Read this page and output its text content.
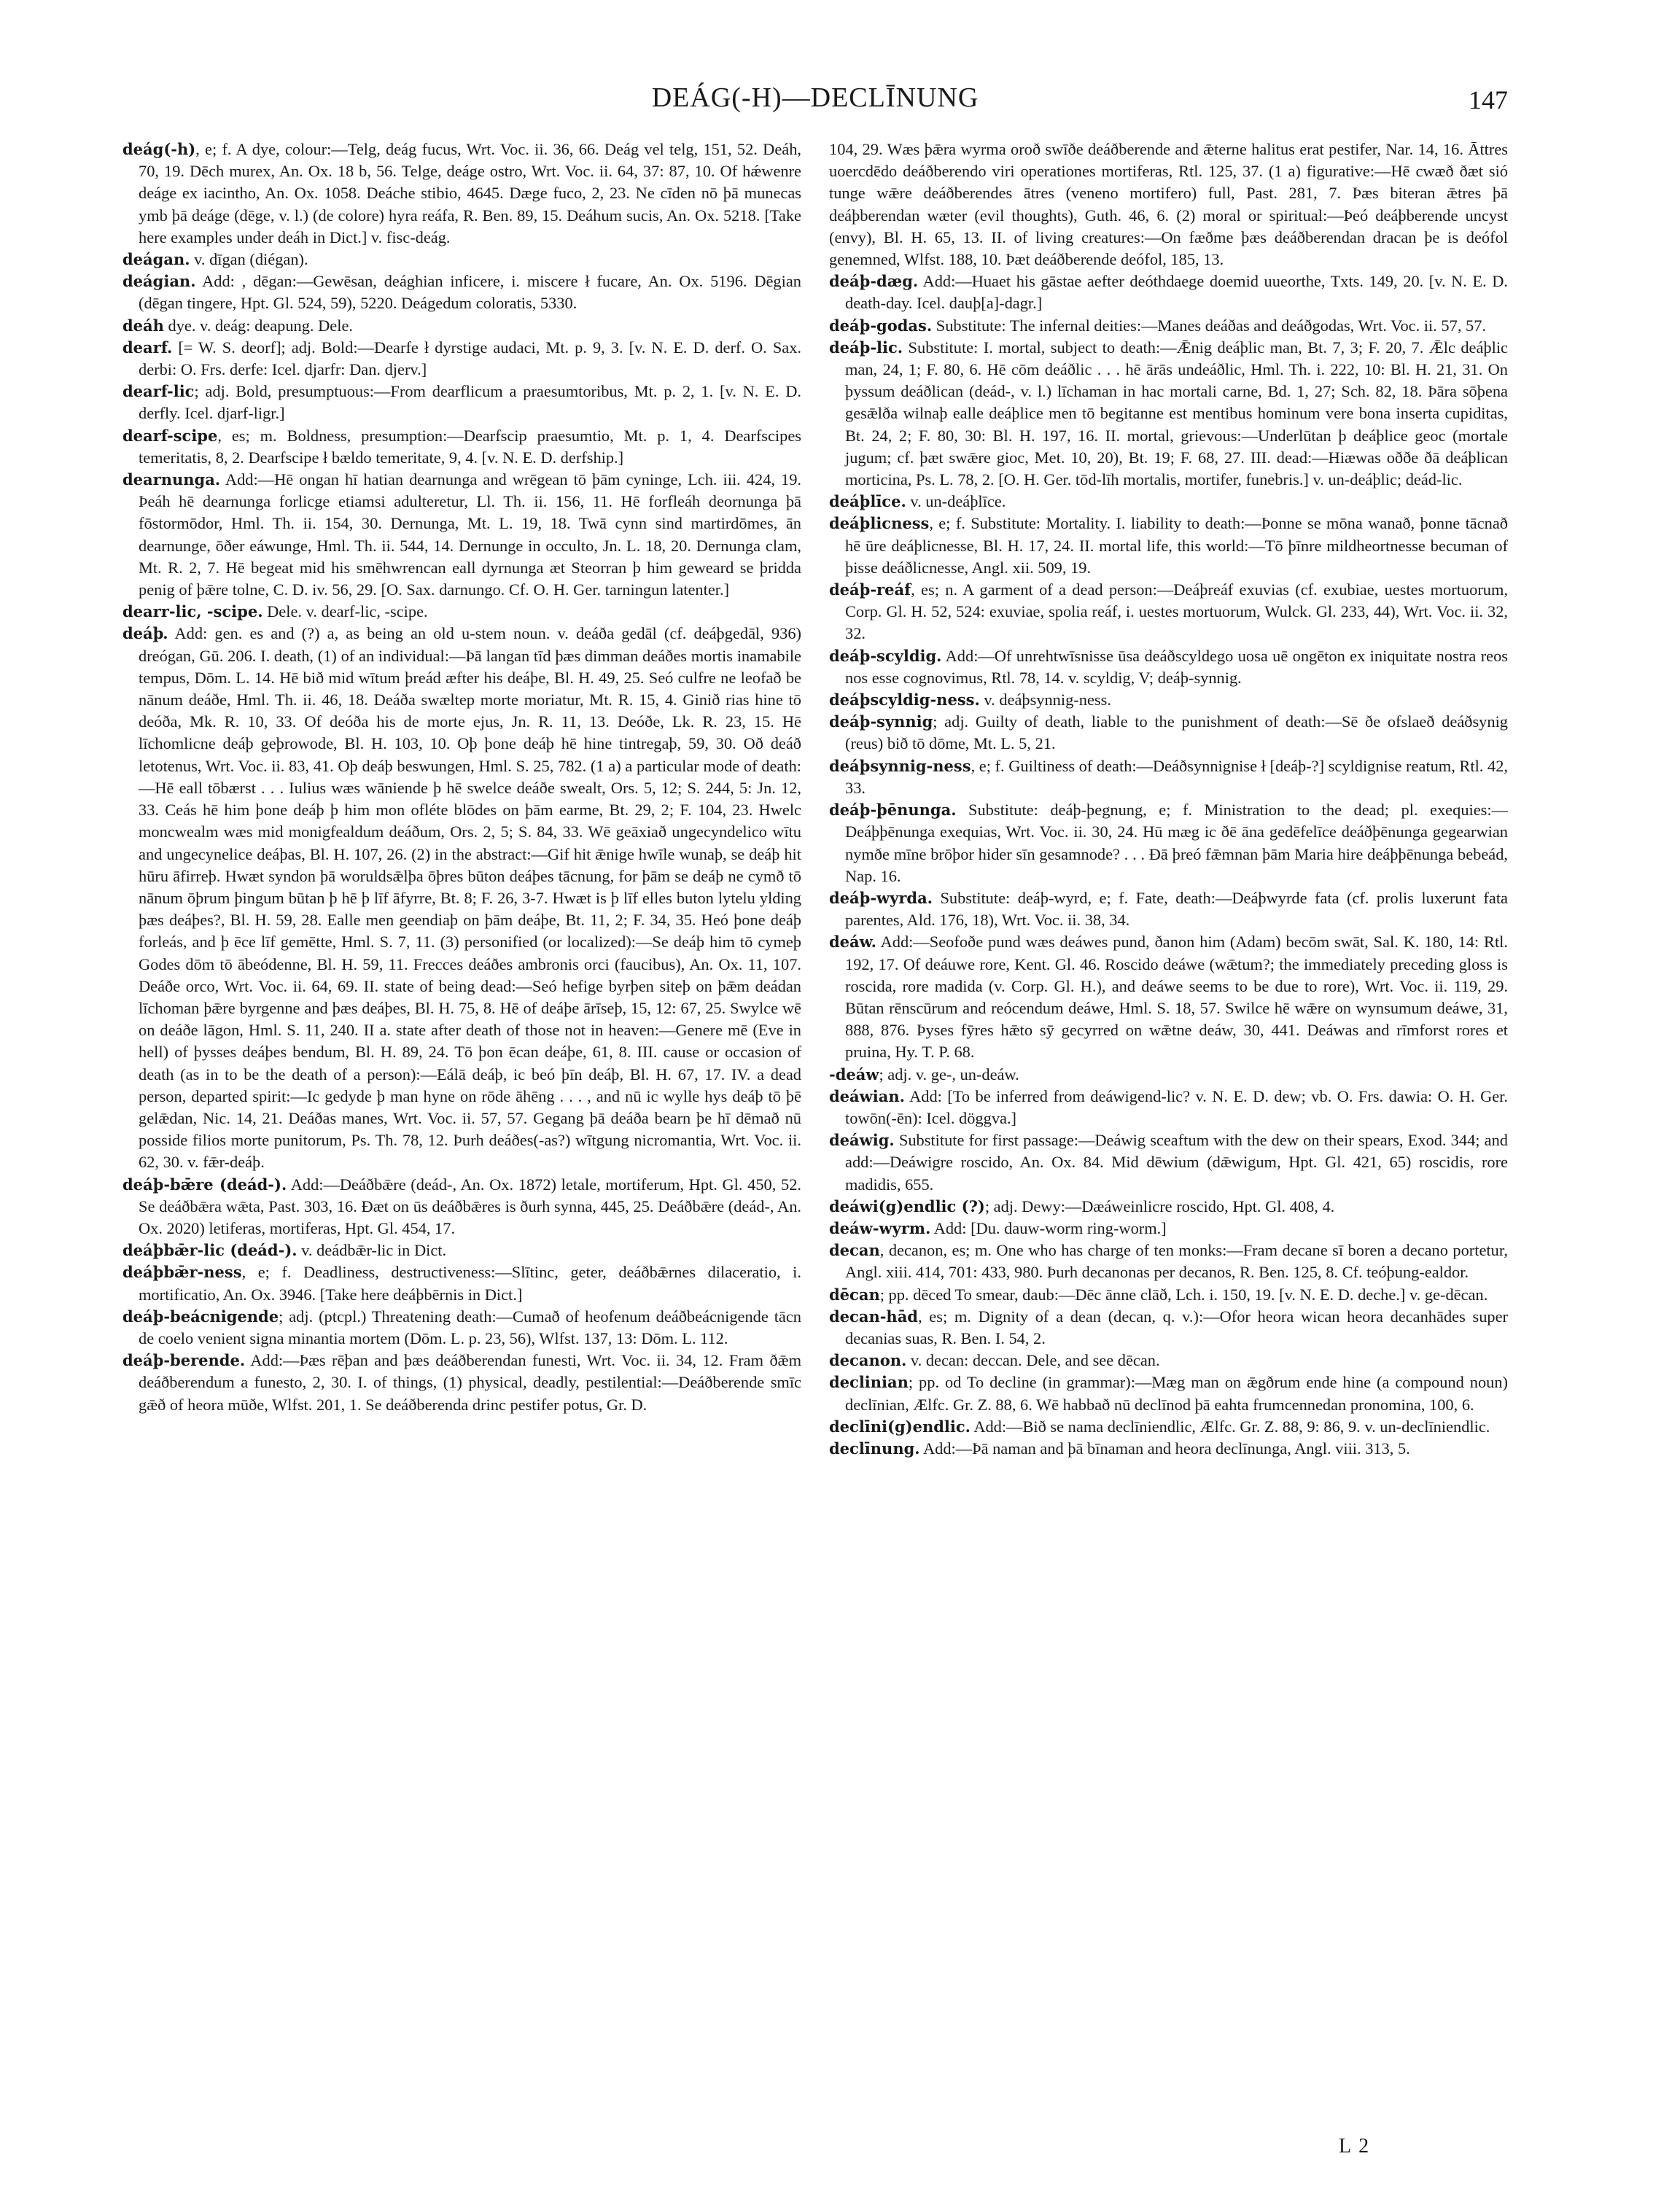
DEÁG(-H)—DECLĪNUNG	147

deág(-h), e; f. A dye, colour:—Telg, deág fucus, Wrt. Voc. ii. 36, 66. Deág vel telg, 151, 52. Deáh, 70, 19. Dēch murex, An. Ox. 18 b, 56. Telge, deáge ostro, Wrt. Voc. ii. 64, 37: 87, 10. Of hǽwenre deáge ex iacintho, An. Ox. 1058. Deáche stibio, 4645. Dæge fuco, 2, 23. Ne cīden nō þā munecas ymb þā deáge (dēge, v. l.) (de colore) hyra reáfa, R. Ben. 89, 15. Deáhum sucis, An. Ox. 5218. [Take here examples under deáh in Dict.] v. fisc-deág.

deágan. v. dīgan (diégan).

deágian. Add: , dēgan:—Gewēsan, deághian inficere, i. miscere ł fucare, An. Ox. 5196. Dēgian (dēgan tingere, Hpt. Gl. 524, 59), 5220. Deágedum coloratis, 5330.

deáh dye. v. deág: deapung. Dele.

dearf. [= W. S. deorf]; adj. Bold:—Dearfe ł dyrstige audaci, Mt. p. 9, 3. [v. N. E. D. derf. O. Sax. derbi: O. Frs. derfe: Icel. djarfr: Dan. djerv.]

dearf-lic; adj. Bold, presumptuous:—From dearflicum a praesumtoribus, Mt. p. 2, 1. [v. N. E. D. derfly. Icel. djarf-ligr.]

dearf-scipe, es; m. Boldness, presumption:—Dearfscip praesumtio, Mt. p. 1, 4. Dearfscipes temeritatis, 8, 2. Dearfscipe ł bældo temeritate, 9, 4. [v. N. E. D. derfship.]

dearnunga. Add:—Hē ongan hī hatian dearnunga and wrēgean tō þām cyninge, Lch. iii. 424, 19. Þeáh hē dearnunga forlicge etiamsi adulteretur, Ll. Th. ii. 156, 11. Hē forfleáh deornunga þā fōstormōdor, Hml. Th. ii. 154, 30. Dernunga, Mt. L. 19, 18. Twā cynn sind martirdōmes, ān dearnunge, ōðer eáwunge, Hml. Th. ii. 544, 14. Dernunge in occulto, Jn. L. 18, 20. Dernunga clam, Mt. R. 2, 7. Hē begeat mid his smēhwrencan eall dyrnunga æt Steorran þ him geweard se þridda penig of þǣre tolne, C. D. iv. 56, 29. [O. Sax. darnungo. Cf. O. H. Ger. tarningun latenter.]

dearr-lic, -scipe. Dele. v. dearf-lic, -scipe.

deáþ. Add: gen. es and (?) a, as being an old u-stem noun. v. deáða gedāl (cf. deáþgedāl, 936) dreógan, Gū. 206. I. death, (1) of an individual:—Þā langan tīd þæs dimman deáðes mortis inamabile tempus, Dōm. L. 14. Hē bið mid wītum þreád æfter his deáþe, Bl. H. 49, 25. Seó culfre ne leofað be nānum deáðe, Hml. Th. ii. 46, 18. Deáða swæltep morte moriatur, Mt. R. 15, 4. Ginið rias hine tō deóða, Mk. R. 10, 33. Of deóða his de morte ejus, Jn. R. 11, 13. Deóðe, Lk. R. 23, 15. Hē līchomlicne deáþ geþrowode, Bl. H. 103, 10. Oþ þone deáþ hē hine tintregaþ, 59, 30. Oð deáð letotenus, Wrt. Voc. ii. 83, 41. Oþ deáþ beswungen, Hml. S. 25, 782. (1 a) a particular mode of death:—Hē eall tōbærst . . . Iulius wæs wāniende þ hē swelce deáðe swealt, Ors. 5, 12; S. 244, 5: Jn. 12, 33. Ceás hē him þone deáþ þ him mon ofléte blōdes on þām earme, Bt. 29, 2; F. 104, 23. Hwelc moncwealm wæs mid monigfealdum deáðum, Ors. 2, 5; S. 84, 33. Wē geāxiað ungecyndelico wītu and ungecynelice deáþas, Bl. H. 107, 26. (2) in the abstract:—Gif hit ǣnige hwīle wunaþ, se deáþ hit hūru āfirreþ. Hwæt syndon þā woruldsǣlþa ōþres būton deáþes tācnung, for þām se deáþ ne cymð tō nānum ōþrum þingum būtan þ hē þ līf āfyrre, Bt. 8; F. 26, 3-7. Hwæt is þ līf elles buton lytelu ylding þæs deáþes?, Bl. H. 59, 28. Ealle men geendiaþ on þām deáþe, Bt. 11, 2; F. 34, 35. Heó þone deáþ forleás, and þ ēce līf gemētte, Hml. S. 7, 11. (3) personified (or localized):—Se deáþ him tō cymeþ Godes dōm tō ābeódenne, Bl. H. 59, 11. Frecces deáðes ambronis orci (faucibus), An. Ox. 11, 107. Deáðe orco, Wrt. Voc. ii. 64, 69. II. state of being dead:—Seó hefige byrþen siteþ on þǣm deádan līchoman þǣre byrgenne and þæs deáþes, Bl. H. 75, 8. Hē of deáþe ārīseþ, 15, 12: 67, 25. Swylce wē on deáðe lāgon, Hml. S. 11, 240. II a. state after death of those not in heaven:—Genere mē (Eve in hell) of þysses deáþes bendum, Bl. H. 89, 24. Tō þon ēcan deáþe, 61, 8. III. cause or occasion of death (as in to be the death of a person):—Eálā deáþ, ic beó þīn deáþ, Bl. H. 67, 17. IV. a dead person, departed spirit:—Ic gedyde þ man hyne on rōde āhēng . . . , and nū ic wylle hys deáþ tō þē gelǣdan, Nic. 14, 21. Deáðas manes, Wrt. Voc. ii. 57, 57. Gegang þā deáða bearn þe hī dēmað nū posside filios morte punitorum, Ps. Th. 78, 12. Þurh deáðes(-as?) wītgung nicromantia, Wrt. Voc. ii. 62, 30. v. fǣr-deáþ.

deáþ-bǣre (deád-). Add:—Deáðbǣre (deád-, An. Ox. 1872) letale, mortiferum, Hpt. Gl. 450, 52. Se deáðbǣra wǣta, Past. 303, 16. Ðæt on ūs deáðbǣres is ðurh synna, 445, 25. Deáðbǣre (deád-, An. Ox. 2020) letiferas, mortiferas, Hpt. Gl. 454, 17.

deáþbǣr-lic (deád-). v. deádbǣr-lic in Dict.

deáþbǣr-ness, e; f. Deadliness, destructiveness:—Slītinc, geter, deáðbǣrnes dilaceratio, i. mortificatio, An. Ox. 3946. [Take here deáþbērnis in Dict.]

deáþ-beácnigende; adj. (ptcpl.) Threatening death:—Cumað of heofenum deáðbeácnigende tācn de coelo venient signa minantia mortem (Dōm. L. p. 23, 56), Wlfst. 137, 13: Dōm. L. 112.

deáþ-berende. Add:—Þæs rēþan and þæs deáðberendan funesti, Wrt. Voc. ii. 34, 12. Fram ðǣm deáðberendum a funesto, 2, 30. I. of things, (1) physical, deadly, pestilential:—Deáðberende smīc gǣð of heora mūðe, Wlfst. 201, 1. Se deáðberenda drinc pestifer potus, Gr. D.

104, 29. Wæs þǣra wyrma oroð swīðe deáðberende and ǣterne halitus erat pestifer, Nar. 14, 16. Āttres uoercdēdo deáðberendo viri operationes mortiferas, Rtl. 125, 37. (1 a) figurative:—Hē cwæð ðæt sió tunge wǣre deáðberendes ātres (veneno mortifero) full, Past. 281, 7. Þæs biteran ǣtres þā deáþberendan wæter (evil thoughts), Guth. 46, 6. (2) moral or spiritual:—Þeó deáþberende uncyst (envy), Bl. H. 65, 13. II. of living creatures:—On fæðme þæs deáðberendan dracan þe is deófol genemned, Wlfst. 188, 10. Þæt deáðberende deófol, 185, 13.

deáþ-dæg. Add:—Huaet his gāstae aefter deóthdaege doemid uueorthe, Txts. 149, 20. [v. N. E. D. death-day. Icel. dauþ[a]-dagr.]

deáþ-godas. Substitute: The infernal deities:—Manes deáðas and deáðgodas, Wrt. Voc. ii. 57, 57.

deáþ-lic. Substitute: I. mortal, subject to death:—Ǣnig deáþlic man, Bt. 7, 3; F. 20, 7. Ǣlc deáþlic man, 24, 1; F. 80, 6. Hē cōm deáðlic . . . hē ārās undeáðlic, Hml. Th. i. 222, 10: Bl. H. 21, 31. On þyssum deáðlican (deád-, v. l.) līchaman in hac mortali carne, Bd. 1, 27; Sch. 82, 18. Þāra sōþena gesǣlða wilnaþ ealle deáþlice men tō begitanne est mentibus hominum vere bona inserta cupiditas, Bt. 24, 2; F. 80, 30: Bl. H. 197, 16. II. mortal, grievous:—Underlūtan þ deáþlice geoc (mortale jugum; cf. þæt swǣre gioc, Met. 10, 20), Bt. 19; F. 68, 27. III. dead:—Hiæwas oððe ðā deáþlican morticina, Ps. L. 78, 2. [O. H. Ger. tōd-līh mortalis, mortifer, funebris.] v. un-deáþlic; deád-lic.

deáþlīce. v. un-deáþlīce.

deáþlicness, e; f. Substitute: Mortality. I. liability to death:—Þonne se mōna wanað, þonne tācnað hē ūre deáþlicnesse, Bl. H. 17, 24. II. mortal life, this world:—Tō þīnre mildheortnesse becuman of þisse deáðlicnesse, Angl. xii. 509, 19.

deáþ-reáf, es; n. A garment of a dead person:—Deáþreáf exuvias (cf. exubiae, uestes mortuorum, Corp. Gl. H. 52, 524: exuviae, spolia reáf, i. uestes mortuorum, Wulck. Gl. 233, 44), Wrt. Voc. ii. 32, 32.

deáþ-scyldig. Add:—Of unrehtwīsnisse ūsa deáðscyldego uosa uē ongēton ex iniquitate nostra reos nos esse cognovimus, Rtl. 78, 14. v. scyldig, V; deáþ-synnig.

deáþscyldig-ness. v. deáþsynnig-ness.

deáþ-synnig; adj. Guilty of death, liable to the punishment of death:—Sē ðe ofslaeð deáðsynig (reus) bið tō dōme, Mt. L. 5, 21.

deáþsynnig-ness, e; f. Guiltiness of death:—Deáðsynnignise ł [deáþ-?] scyldignise reatum, Rtl. 42, 33.

deáþ-þēnunga. Substitute: deáþ-þegnung, e; f. Ministration to the dead; pl. exequies:—Deáþþēnunga exequias, Wrt. Voc. ii. 30, 24. Hū mæg ic ðē āna gedēfelīce deáðþēnunga gegearwian nymðe mīne brōþor hider sīn gesamnode? . . . Ðā þreó fǣmnan þām Maria hire deáþþēnunga bebeád, Nap. 16.

deáþ-wyrda. Substitute: deáþ-wyrd, e; f. Fate, death:—Deáþwyrde fata (cf. prolis luxerunt fata parentes, Ald. 176, 18), Wrt. Voc. ii. 38, 34.

deáw. Add:—Seofoðe pund wæs deáwes pund, ðanon him (Adam) becōm swāt, Sal. K. 180, 14: Rtl. 192, 17. Of deáuwe rore, Kent. Gl. 46. Roscido deáwe (wǣtum?; the immediately preceding gloss is roscida, rore madida (v. Corp. Gl. H.), and deáwe seems to be due to rore), Wrt. Voc. ii. 119, 29. Būtan rēnscūrum and reócendum deáwe, Hml. S. 18, 57. Swilce hē wǣre on wynsumum deáwe, 31, 888, 876. Þyses fȳres hǣto sȳ gecyrred on wǣtne deáw, 30, 441. Deáwas and rīmforst rores et pruina, Hy. T. P. 68.

-deáw; adj. v. ge-, un-deáw.

deáwian. Add: [To be inferred from deáwigend-lic? v. N. E. D. dew; vb. O. Frs. dawia: O. H. Ger. towōn(-ēn): Icel. döggva.]

deáwig. Substitute for first passage:—Deáwig sceaftum with the dew on their spears, Exod. 344; and add:—Deáwigre roscido, An. Ox. 84. Mid dēwium (dǣwigum, Hpt. Gl. 421, 65) roscidis, rore madidis, 655.

deáwi(g)endlic (?); adj. Dewy:—Dæáweinlicre roscido, Hpt. Gl. 408, 4.

deáw-wyrm. Add: [Du. dauw-worm ring-worm.]

decan, decanon, es; m. One who has charge of ten monks:—Fram decane sī boren a decano portetur, Angl. xiii. 414, 701: 433, 980. Þurh decanonas per decanos, R. Ben. 125, 8. Cf. teóþung-ealdor.

dēcan; pp. dēced To smear, daub:—Dēc ānne clāð, Lch. i. 150, 19. [v. N. E. D. deche.] v. ge-dēcan.

decan-hād, es; m. Dignity of a dean (decan, q. v.):—Ofor heora wican heora decanhādes super decanias suas, R. Ben. I. 54, 2.

decanon. v. decan: deccan. Dele, and see dēcan.

declinian; pp. od To decline (in grammar):—Mæg man on ǣgðrum ende hine (a compound noun) declīnian, Ælfc. Gr. Z. 88, 6. Wē habbað nū declīnod þā eahta frumcennedan pronomina, 100, 6.

declīni(g)endlic. Add:—Bið se nama declīniendlic, Ælfc. Gr. Z. 88, 9: 86, 9. v. un-declīniendlic.

declīnung. Add:—Þā naman and þā bīnaman and heora declīnunga, Angl. viii. 313, 5.

L 2
